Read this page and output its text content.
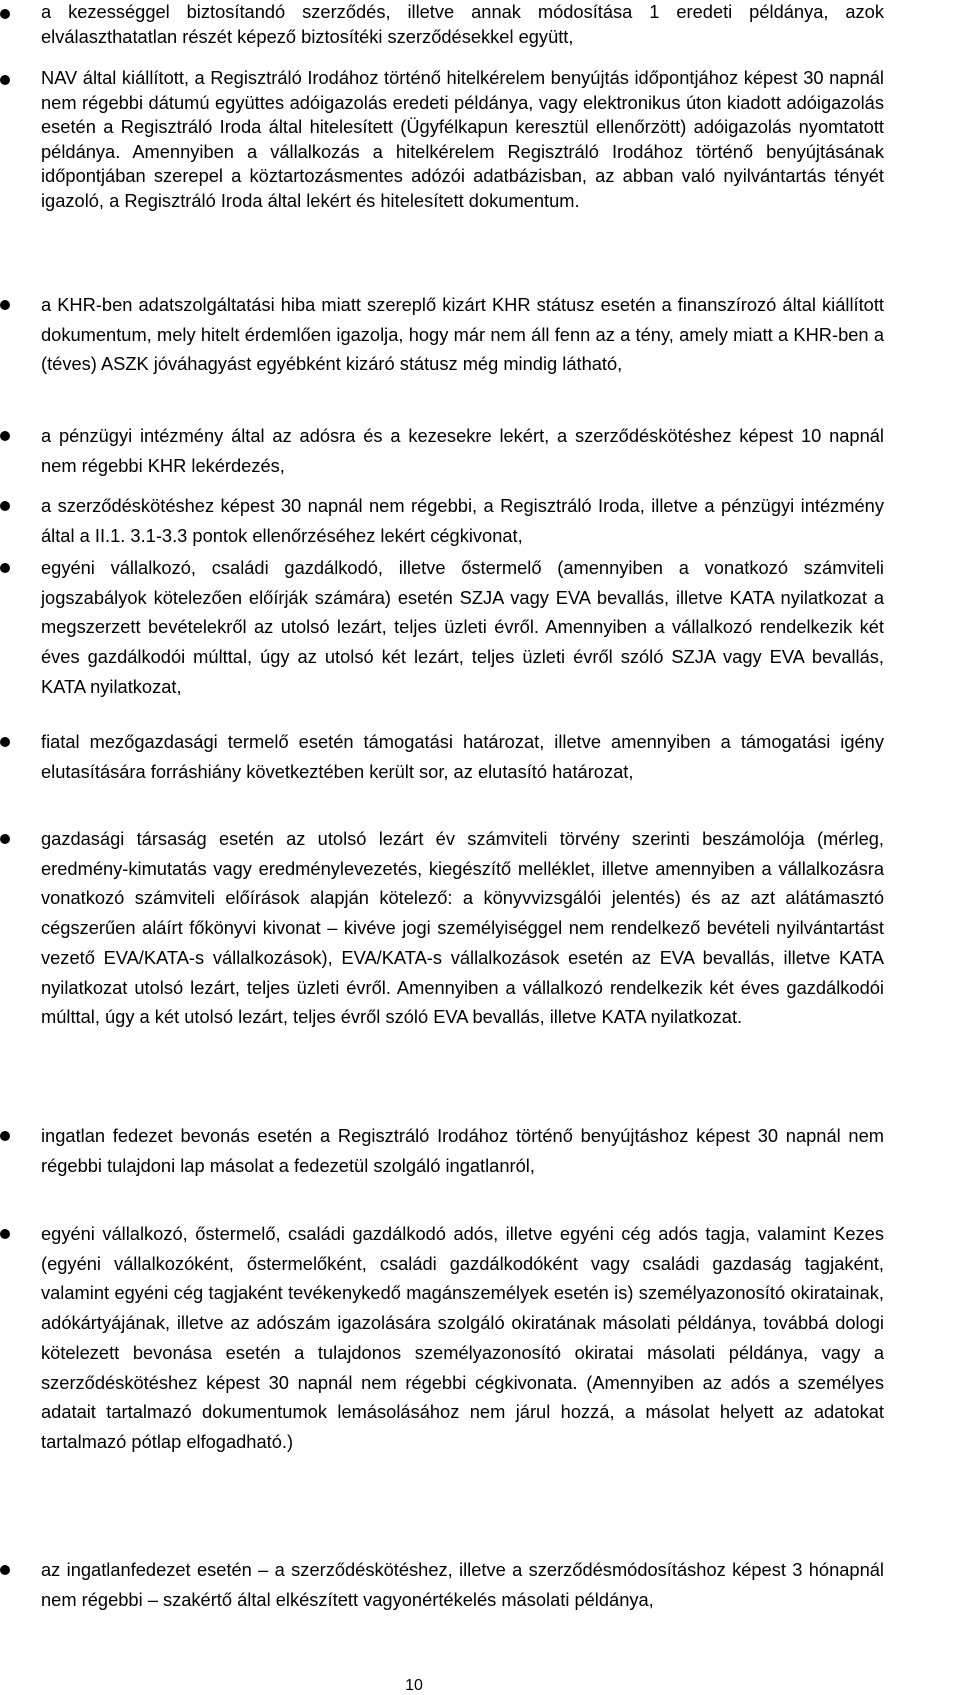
a kezességgel biztosítandó szerződés, illetve annak módosítása 1 eredeti példánya, azok elválaszthatatlan részét képező biztosítéki szerződésekkel együtt,

NAV által kiállított, a Regisztráló Irodához történő hitelkérelem benyújtás időpontjához képest 30 napnál nem régebbi dátumú együttes adóigazolás eredeti példánya, vagy elektronikus úton kiadott adóigazolás esetén a Regisztráló Iroda által hitelesített (Ügyfélkapun keresztül ellenőrzött) adóigazolás nyomtatott példánya. Amennyiben a vállalkozás a hitelkérelem Regisztráló Irodához történő benyújtásának időpontjában szerepel a köztartozásmentes adózói adatbázisban, az abban való nyilvántartás tényét igazoló, a Regisztráló Iroda által lekért és hitelesített dokumentum.

a KHR-ben adatszolgáltatási hiba miatt szereplő kizárt KHR státusz esetén a finanszírozó által kiállított dokumentum, mely hitelt érdemlően igazolja, hogy már nem áll fenn az a tény, amely miatt a KHR-ben a (téves) ASZK jóváhagyást egyébként kizáró státusz még mindig látható,

a pénzügyi intézmény által az adósra és a kezesekre lekért, a szerződéskötéshez képest 10 napnál nem régebbi KHR lekérdezés,

a szerződéskötéshez képest 30 napnál nem régebbi, a Regisztráló Iroda, illetve a pénzügyi intézmény által a II.1. 3.1-3.3 pontok ellenőrzéséhez lekért cégkivonat,

egyéni vállalkozó, családi gazdálkodó, illetve őstermelő (amennyiben a vonatkozó számviteli jogszabályok kötelezően előírják számára) esetén SZJA vagy EVA bevallás, illetve KATA nyilatkozat a megszerzett bevételekről az utolsó lezárt, teljes üzleti évről. Amennyiben a vállalkozó rendelkezik két éves gazdálkodói múlttal, úgy az utolsó két lezárt, teljes üzleti évről szóló SZJA vagy EVA bevallás, KATA nyilatkozat,

fiatal mezőgazdasági termelő esetén támogatási határozat, illetve amennyiben a támogatási igény elutasítására forráshiány következtében került sor, az elutasító határozat,

gazdasági társaság esetén az utolsó lezárt év számviteli törvény szerinti beszámolója (mérleg, eredmény-kimutatás vagy eredménylevezetés, kiegészítő melléklet, illetve amennyiben a vállalkozásra vonatkozó számviteli előírások alapján kötelező: a könyvvizsgálói jelentés) és az azt alátámasztó cégszerűen aláírt főkönyvi kivonat – kivéve jogi személyiséggel nem rendelkező bevételi nyilvántartást vezető EVA/KATA-s vállalkozások), EVA/KATA-s vállalkozások esetén az EVA bevallás, illetve KATA nyilatkozat utolsó lezárt, teljes üzleti évről. Amennyiben a vállalkozó rendelkezik két éves gazdálkodói múlttal, úgy a két utolsó lezárt, teljes évről szóló EVA bevallás, illetve KATA nyilatkozat.

ingatlan fedezet bevonás esetén a Regisztráló Irodához történő benyújtáshoz képest 30 napnál nem régebbi tulajdoni lap másolat a fedezetül szolgáló ingatlanról,

egyéni vállalkozó, őstermelő, családi gazdálkodó adós, illetve egyéni cég adós tagja, valamint Kezes (egyéni vállalkozóként, őstermelőként, családi gazdálkodóként vagy családi gazdaság tagjaként, valamint egyéni cég tagjaként tevékenykedő magánszemélyek esetén is) személyazonosító okiratainak, adókártyájának, illetve az adószám igazolására szolgáló okiratának másolati példánya, továbbá dologi kötelezett bevonása esetén a tulajdonos személyazonosító okiratai másolati példánya, vagy a szerződéskötéshez képest 30 napnál nem régebbi cégkivonata. (Amennyiben az adós a személyes adatait tartalmazó dokumentumok lemásolásához nem járul hozzá, a másolat helyett az adatokat tartalmazó pótlap elfogadható.)

az ingatlanfedezet esetén – a szerződéskötéshez, illetve a szerződésmódosításhoz képest 3 hónapnál nem régebbi – szakértő által elkészített vagyonértékelés másolati példánya,

10
